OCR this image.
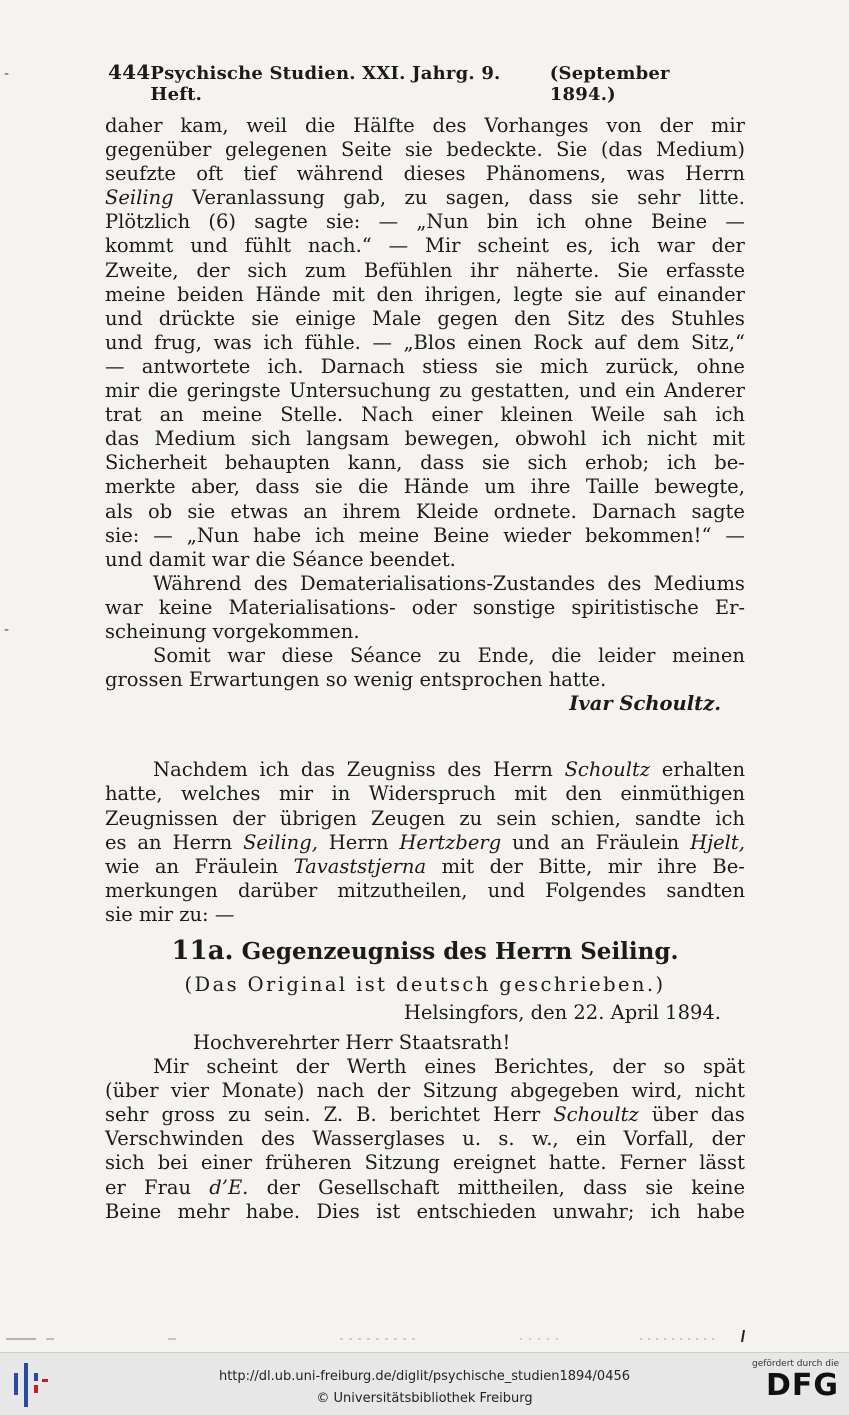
-
-
444 Psychische Studien. XXI. Jahrg. 9. Heft.
(September 1894.)
daher kam, weil die Hälfte des Vorhanges von der mir
gegenüber gelegenen Seite sie bedeckte. Sie (das Medium)
seufzte oft tief während dieses Phänomens, was Herrn
Seiling Veranlassung gab, zu sagen, dass sie sehr litte.
Plötzlich (6) sagte sie: — „Nun bin ich ohne Beine —
kommt und fühlt nach.“ — Mir scheint es, ich war der
Zweite, der sich zum Befühlen ihr näherte. Sie erfasste
meine beiden Hände mit den ihrigen, legte sie auf einander
und drückte sie einige Male gegen den Sitz des Stuhles
und frug, was ich fühle. — „Blos einen Rock auf dem Sitz,“
— antwortete ich. Darnach stiess sie mich zurück, ohne
mir die geringste Untersuchung zu gestatten, und ein Anderer
trat an meine Stelle. Nach einer kleinen Weile sah ich
das Medium sich langsam bewegen, obwohl ich nicht mit
Sicherheit behaupten kann, dass sie sich erhob; ich be-
merkte aber, dass sie die Hände um ihre Taille bewegte,
als ob sie etwas an ihrem Kleide ordnete. Darnach sagte
sie: — „Nun habe ich meine Beine wieder bekommen!“ —
und damit war die Séance beendet.
Während des Dematerialisations-Zustandes des Mediums
war keine Materialisations- oder sonstige spiritistische Er-
scheinung vorgekommen.
Somit war diese Séance zu Ende, die leider meinen
grossen Erwartungen so wenig entsprochen hatte.
Ivar Schoultz.
Nachdem ich das Zeugniss des Herrn Schoultz erhalten
hatte, welches mir in Widerspruch mit den einmüthigen
Zeugnissen der übrigen Zeugen zu sein schien, sandte ich
es an Herrn Seiling, Herrn Hertzberg und an Fräulein Hjelt,
wie an Fräulein Tavaststjerna mit der Bitte, mir ihre Be-
merkungen darüber mitzutheilen, und Folgendes sandten
sie mir zu: —
11a. Gegenzeugniss des Herrn Seiling.
(Das Original ist deutsch geschrieben.)
Helsingfors, den 22. April 1894.
Hochverehrter Herr Staatsrath!
Mir scheint der Werth eines Berichtes, der so spät
(über vier Monate) nach der Sitzung abgegeben wird, nicht
sehr gross zu sein. Z. B. berichtet Herr Schoultz über das
Verschwinden des Wasserglases u. s. w., ein Vorfall, der
sich bei einer früheren Sitzung ereignet hatte. Ferner lässt
er Frau d’E. der Gesellschaft mittheilen, dass sie keine
Beine mehr habe. Dies ist entschieden unwahr; ich habe
http://dl.ub.uni-freiburg.de/diglit/psychische_studien1894/0456
© Universitätsbibliothek Freiburg
gefördert durch die
DFG
